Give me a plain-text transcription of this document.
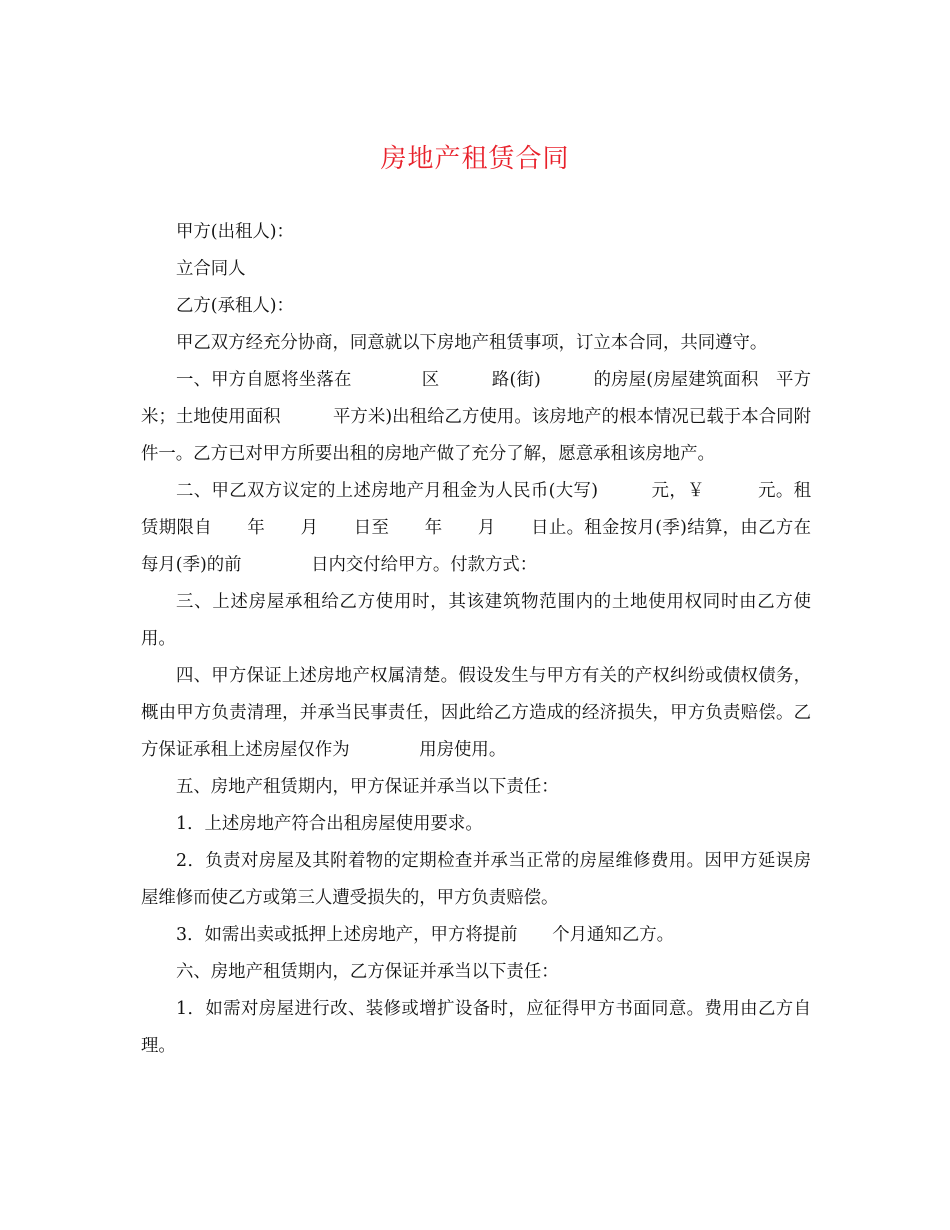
房地产租赁合同

甲方(出租人)：

立合同人

乙方(承租人)：

甲乙双方经充分协商，同意就以下房地产租赁事项，订立本合同，共同遵守。

一、甲方自愿将坐落在　　　　区　　　路(街)　　　的房屋(房屋建筑面积　平方米；土地使用面积　　　平方米)出租给乙方使用。该房地产的根本情况已载于本合同附件一。乙方已对甲方所要出租的房地产做了充分了解，愿意承租该房地产。

二、甲乙双方议定的上述房地产月租金为人民币(大写)　　　元，￥　　　元。租赁期限自　　年　　月　　日至　　年　　月　　日止。租金按月(季)结算，由乙方在每月(季)的前　　　　日内交付给甲方。付款方式：

三、上述房屋承租给乙方使用时，其该建筑物范围内的土地使用权同时由乙方使用。

四、甲方保证上述房地产权属清楚。假设发生与甲方有关的产权纠纷或债权债务，概由甲方负责清理，并承当民事责任，因此给乙方造成的经济损失，甲方负责赔偿。乙方保证承租上述房屋仅作为　　　　用房使用。

五、房地产租赁期内，甲方保证并承当以下责任：

1．上述房地产符合出租房屋使用要求。

2．负责对房屋及其附着物的定期检查并承当正常的房屋维修费用。因甲方延误房屋维修而使乙方或第三人遭受损失的，甲方负责赔偿。

3．如需出卖或抵押上述房地产，甲方将提前　　个月通知乙方。

六、房地产租赁期内，乙方保证并承当以下责任：

1．如需对房屋进行改、装修或增扩设备时，应征得甲方书面同意。费用由乙方自理。
